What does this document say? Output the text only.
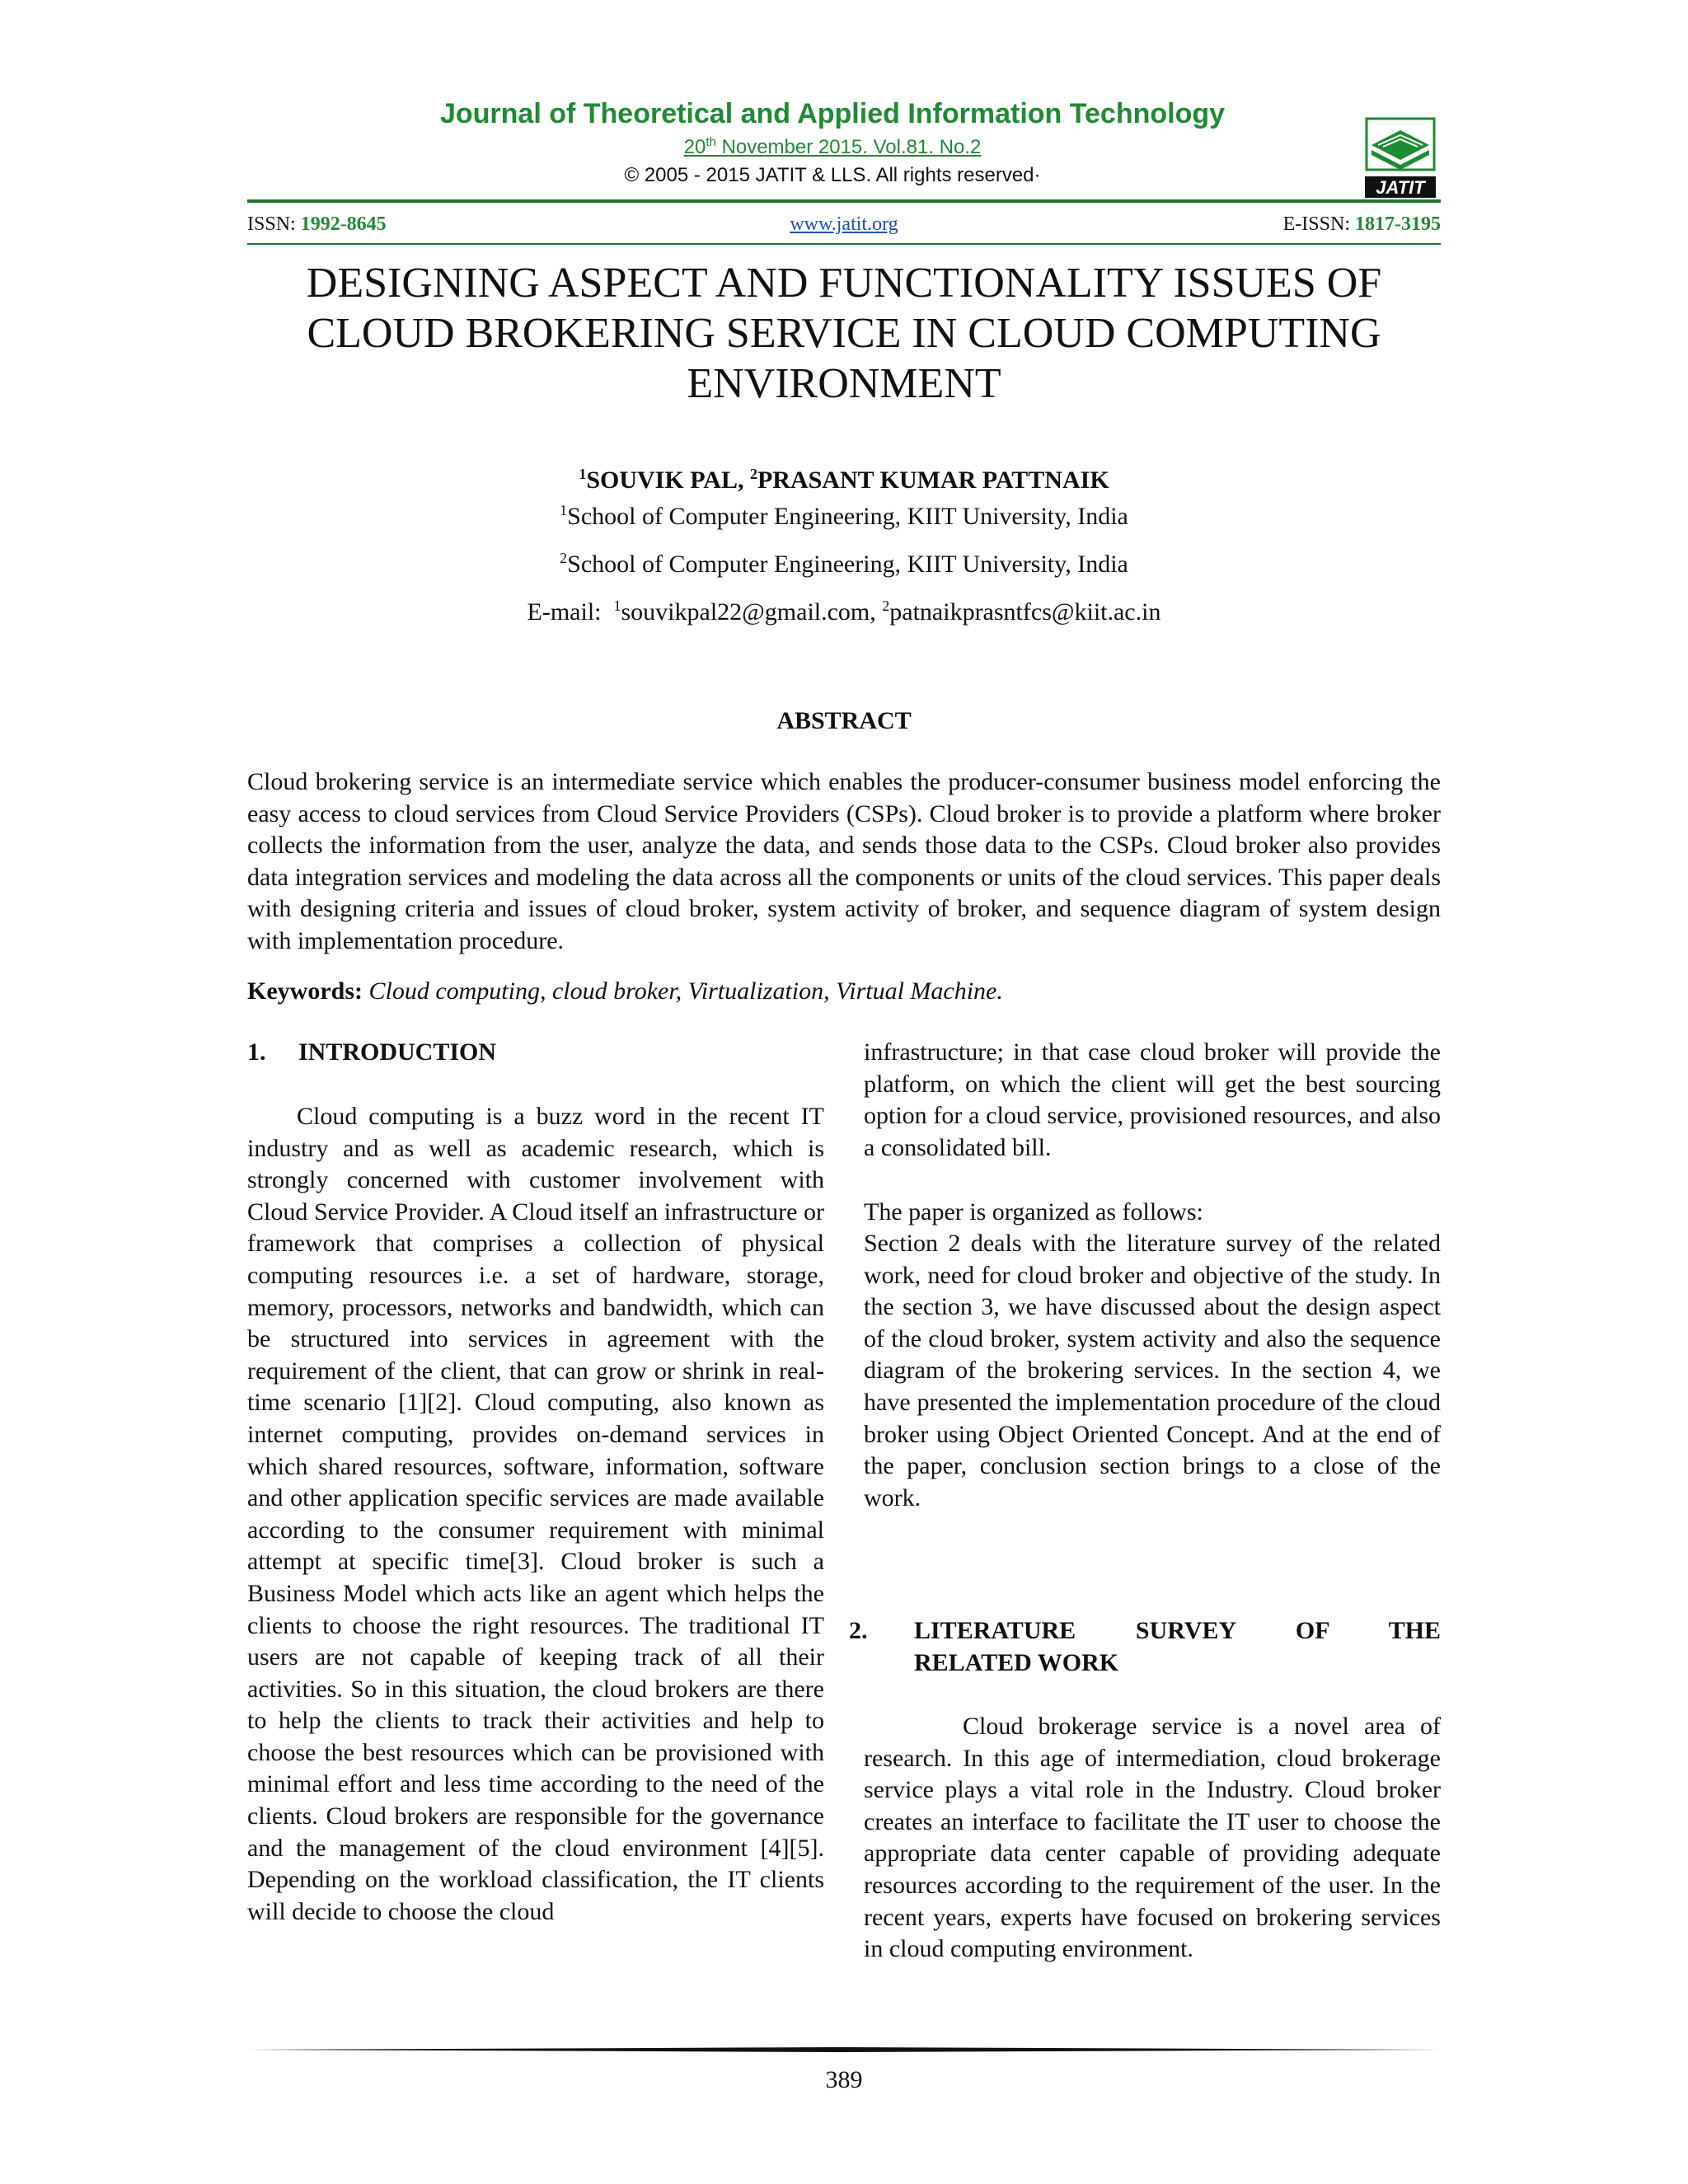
Journal of Theoretical and Applied Information Technology
20th November 2015. Vol.81. No.2
© 2005 - 2015 JATIT & LLS. All rights reserved·
JATIT
ISSN: 1992-8645	www.jatit.org	E-ISSN: 1817-3195
DESIGNING ASPECT AND FUNCTIONALITY ISSUES OF
CLOUD BROKERING SERVICE IN CLOUD COMPUTING
ENVIRONMENT
$^1$SOUVIK PAL, $^2$PRASANT KUMAR PATTNAIK
$^1$School of Computer Engineering, KIIT University, India
$^2$School of Computer Engineering, KIIT University, India
E-mail:  $^1$souvikpal22@gmail.com, $^2$patnaikprasntfcs@kiit.ac.in
ABSTRACT
Cloud brokering service is an intermediate service which enables the producer-consumer business model enforcing the easy access to cloud services from Cloud Service Providers (CSPs). Cloud broker is to provide a platform where broker collects the information from the user, analyze the data, and sends those data to the CSPs. Cloud broker also provides data integration services and modeling the data across all the components or units of the cloud services. This paper deals with designing criteria and issues of cloud broker, system activity of broker, and sequence diagram of system design with implementation procedure.
Keywords: Cloud computing, cloud broker, Virtualization, Virtual Machine.
1. INTRODUCTION
Cloud computing is a buzz word in the recent IT industry and as well as academic research, which is strongly concerned with customer involvement with Cloud Service Provider. A Cloud itself an infrastructure or framework that comprises a collection of physical computing resources i.e. a set of hardware, storage, memory, processors, networks and bandwidth, which can be structured into services in agreement with the requirement of the client, that can grow or shrink in real-time scenario [1][2]. Cloud computing, also known as internet computing, provides on-demand services in which shared resources, software, information, software and other application specific services are made available according to the consumer requirement with minimal attempt at specific time[3]. Cloud broker is such a Business Model which acts like an agent which helps the clients to choose the right resources. The traditional IT users are not capable of keeping track of all their activities. So in this situation, the cloud brokers are there to help the clients to track their activities and help to choose the best resources which can be provisioned with minimal effort and less time according to the need of the clients. Cloud brokers are responsible for the governance and the management of the cloud environment [4][5]. Depending on the workload classification, the IT clients will decide to choose the cloud
infrastructure; in that case cloud broker will provide the platform, on which the client will get the best sourcing option for a cloud service, provisioned resources, and also a consolidated bill.
The paper is organized as follows:
Section 2 deals with the literature survey of the related work, need for cloud broker and objective of the study. In the section 3, we have discussed about the design aspect of the cloud broker, system activity and also the sequence diagram of the brokering services. In the section 4, we have presented the implementation procedure of the cloud broker using Object Oriented Concept. And at the end of the paper, conclusion section brings to a close of the work.
2. LITERATURE SURVEY OF THE
RELATED WORK
Cloud brokerage service is a novel area of research. In this age of intermediation, cloud brokerage service plays a vital role in the Industry. Cloud broker creates an interface to facilitate the IT user to choose the appropriate data center capable of providing adequate resources according to the requirement of the user. In the recent years, experts have focused on brokering services in cloud computing environment.
389
